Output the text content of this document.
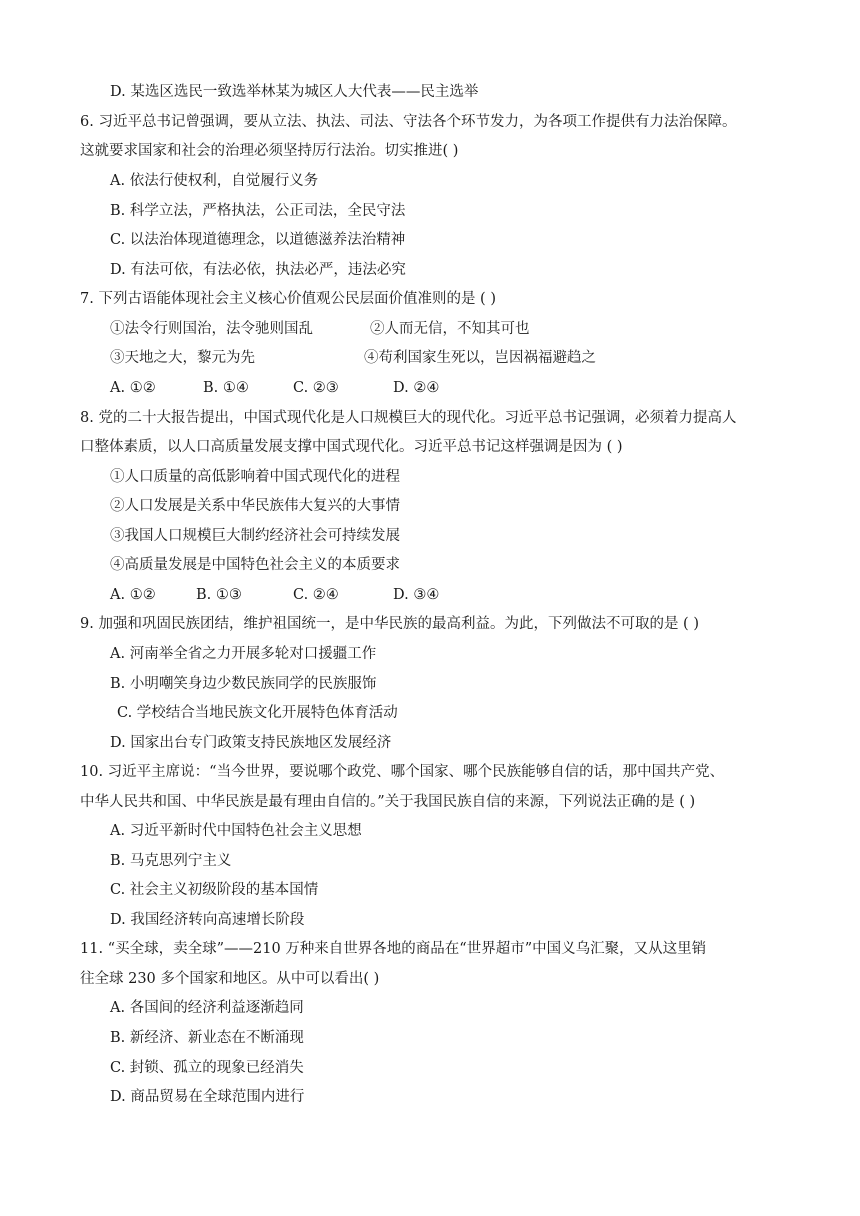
D. 某选区选民一致选举林某为城区人大代表——民主选举
6. 习近平总书记曾强调，要从立法、执法、司法、守法各个环节发力，为各项工作提供有力法治保障。
这就要求国家和社会的治理必须坚持厉行法治。切实推进( )
A. 依法行使权利，自觉履行义务
B. 科学立法，严格执法，公正司法，全民守法
C. 以法治体现道德理念，以道德滋养法治精神
D. 有法可依，有法必依，执法必严，违法必究
7. 下列古语能体现社会主义核心价值观公民层面价值准则的是 ( )
①法令行则国治，法令驰则国乱	②人而无信，不知其可也
③天地之大，黎元为先	④苟利国家生死以，岂因祸福避趋之
A. ①②	B. ①④	C. ②③	D. ②④
8. 党的二十大报告提出，中国式现代化是人口规模巨大的现代化。习近平总书记强调，必须着力提高人
口整体素质，以人口高质量发展支撑中国式现代化。习近平总书记这样强调是因为 ( )
①人口质量的高低影响着中国式现代化的进程
②人口发展是关系中华民族伟大复兴的大事情
③我国人口规模巨大制约经济社会可持续发展
④高质量发展是中国特色社会主义的本质要求
A. ①②	B. ①③	C. ②④	D. ③④
9. 加强和巩固民族团结，维护祖国统一，是中华民族的最高利益。为此，下列做法不可取的是 ( )
A. 河南举全省之力开展多轮对口援疆工作
B. 小明嘲笑身边少数民族同学的民族服饰
C. 学校结合当地民族文化开展特色体育活动
D. 国家出台专门政策支持民族地区发展经济
10. 习近平主席说：“当今世界，要说哪个政党、哪个国家、哪个民族能够自信的话，那中国共产党、
中华人民共和国、中华民族是最有理由自信的。”关于我国民族自信的来源，下列说法正确的是 ( )
A. 习近平新时代中国特色社会主义思想
B. 马克思列宁主义
C. 社会主义初级阶段的基本国情
D. 我国经济转向高速增长阶段
11. “买全球，卖全球”——210 万种来自世界各地的商品在“世界超市”中国义乌汇聚，又从这里销
往全球 230 多个国家和地区。从中可以看出( )
A. 各国间的经济利益逐渐趋同
B. 新经济、新业态在不断涌现
C. 封锁、孤立的现象已经消失
D. 商品贸易在全球范围内进行
